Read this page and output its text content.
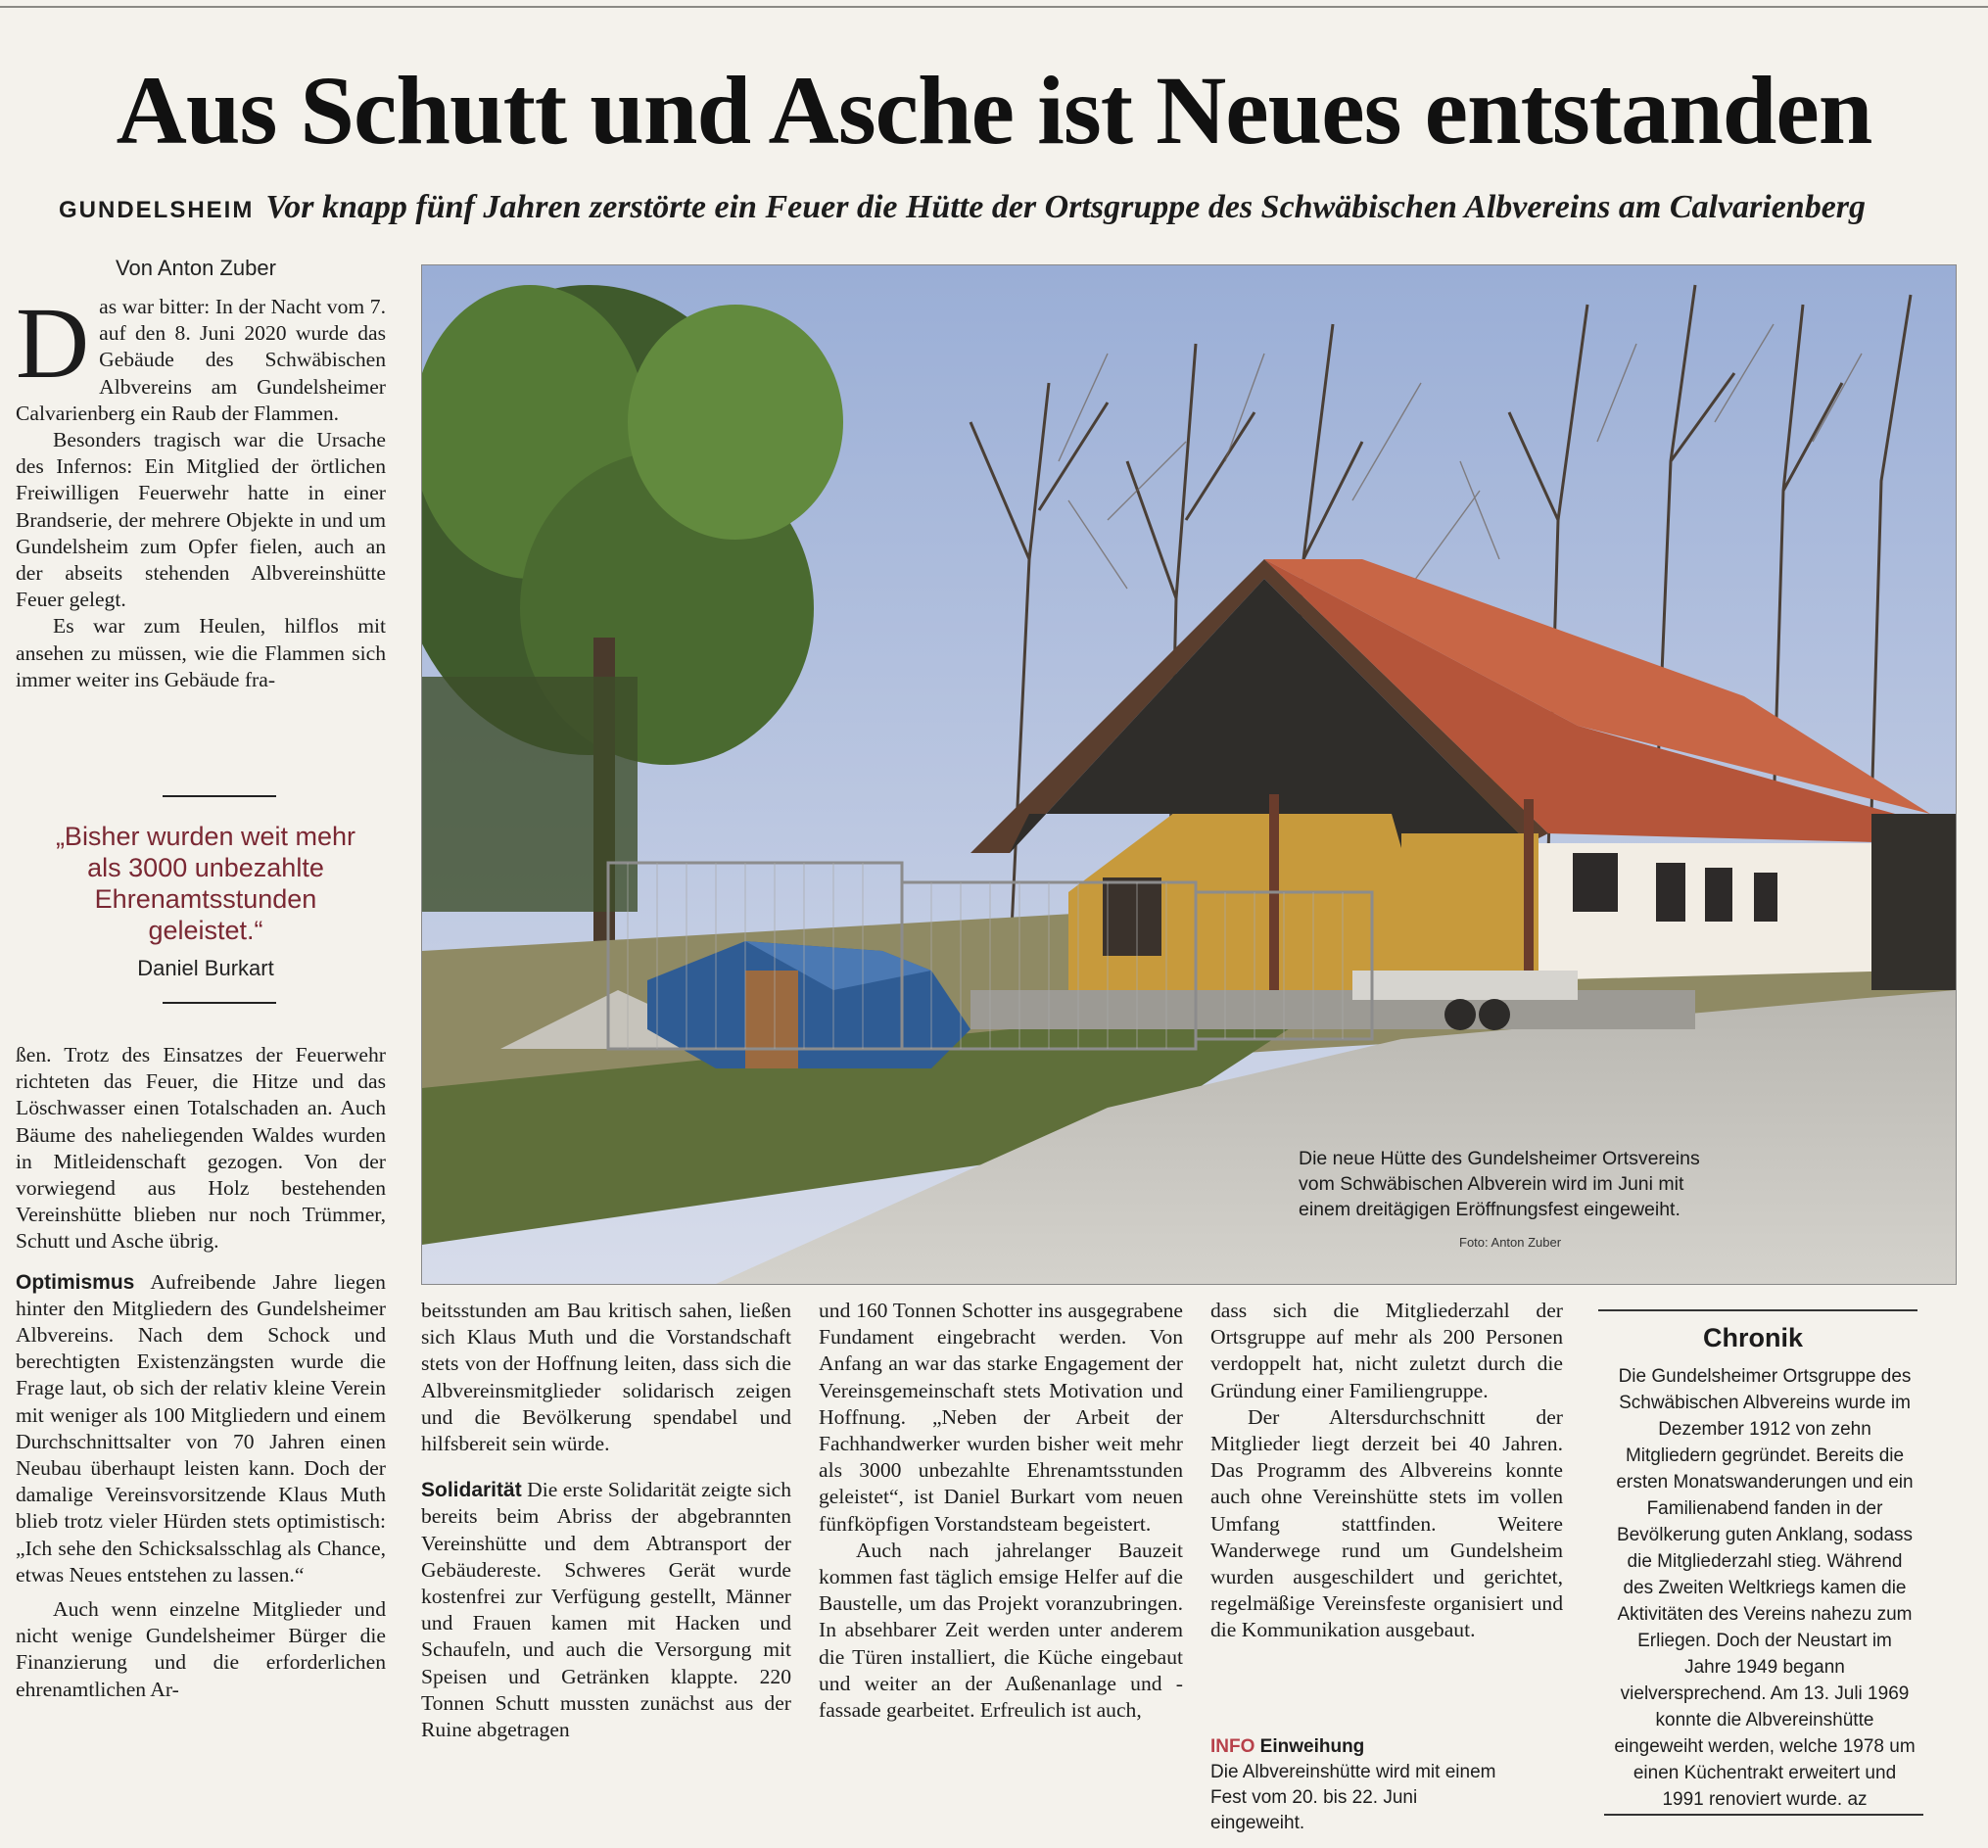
Aus Schutt und Asche ist Neues entstanden
GUNDELSHEIM Vor knapp fünf Jahren zerstörte ein Feuer die Hütte der Ortsgruppe des Schwäbischen Albvereins am Calvarienberg
Von Anton Zuber

Das war bitter: In der Nacht vom 7. auf den 8. Juni 2020 wurde das Gebäude des Schwäbischen Albvereins am Gundelsheimer Calvarienberg ein Raub der Flammen.

Besonders tragisch war die Ursache des Infernos: Ein Mitglied der örtlichen Freiwilligen Feuerwehr hatte in einer Brandserie, der mehrere Objekte in und um Gundelsheim zum Opfer fielen, auch an der abseits stehenden Albvereinshütte Feuer gelegt.

Es war zum Heulen, hilflos mit ansehen zu müssen, wie die Flammen sich immer weiter ins Gebäude fra-

„Bisher wurden weit mehr als 3000 unbezahlte Ehrenamtsstunden geleistet.“
Daniel Burkart

ßen. Trotz des Einsatzes der Feuerwehr richteten das Feuer, die Hitze und das Löschwasser einen Totalschaden an. Auch Bäume des naheliegenden Waldes wurden in Mitleidenschaft gezogen. Von der vorwiegend aus Holz bestehenden Vereinshütte blieben nur noch Trümmer, Schutt und Asche übrig.

Optimismus Aufreibende Jahre liegen hinter den Mitgliedern des Gundelsheimer Albvereins. Nach dem Schock und berechtigten Existenzängsten wurde die Frage laut, ob sich der relativ kleine Verein mit weniger als 100 Mitgliedern und einem Durchschnittsalter von 70 Jahren einen Neubau überhaupt leisten kann. Doch der damalige Vereinsvorsitzende Klaus Muth blieb trotz vieler Hürden stets optimistisch: „Ich sehe den Schicksalsschlag als Chance, etwas Neues entstehen zu lassen.“

Auch wenn einzelne Mitglieder und nicht wenige Gundelsheimer Bürger die Finanzierung und die erforderlichen ehrenamtlichen Ar-

Die neue Hütte des Gundelsheimer Ortsvereins vom Schwäbischen Albverein wird im Juni mit einem dreitägigen Eröffnungsfest eingeweiht.
Foto: Anton Zuber

beitsstunden am Bau kritisch sahen, ließen sich Klaus Muth und die Vorstandschaft stets von der Hoffnung leiten, dass sich die Albvereinsmitglieder solidarisch zeigen und die Bevölkerung spendabel und hilfsbereit sein würde.

Solidarität Die erste Solidarität zeigte sich bereits beim Abriss der abgebrannten Vereinshütte und dem Abtransport der Gebäudereste. Schweres Gerät wurde kostenfrei zur Verfügung gestellt, Männer und Frauen kamen mit Hacken und Schaufeln, und auch die Versorgung mit Speisen und Getränken klappte. 220 Tonnen Schutt mussten zunächst aus der Ruine abgetragen

und 160 Tonnen Schotter ins ausgegrabene Fundament eingebracht werden. Von Anfang an war das starke Engagement der Vereinsgemeinschaft stets Motivation und Hoffnung. „Neben der Arbeit der Fachhandwerker wurden bisher weit mehr als 3000 unbezahlte Ehrenamtsstunden geleistet“, ist Daniel Burkart vom neuen fünfköpfigen Vorstandsteam begeistert.

Auch nach jahrelanger Bauzeit kommen fast täglich emsige Helfer auf die Baustelle, um das Projekt voranzubringen. In absehbarer Zeit werden unter anderem die Türen installiert, die Küche eingebaut und weiter an der Außenanlage und -fassade gearbeitet. Erfreulich ist auch,

dass sich die Mitgliederzahl der Ortsgruppe auf mehr als 200 Personen verdoppelt hat, nicht zuletzt durch die Gründung einer Familiengruppe.

Der Altersdurchschnitt der Mitglieder liegt derzeit bei 40 Jahren. Das Programm des Albvereins konnte auch ohne Vereinshütte stets im vollen Umfang stattfinden. Weitere Wanderwege rund um Gundelsheim wurden ausgeschildert und gerichtet, regelmäßige Vereinsfeste organisiert und die Kommunikation ausgebaut.

INFO Einweihung
Die Albvereinshütte wird mit einem Fest vom 20. bis 22. Juni eingeweiht.
Chronik
Die Gundelsheimer Ortsgruppe des Schwäbischen Albvereins wurde im Dezember 1912 von zehn Mitgliedern gegründet. Bereits die ersten Monatswanderungen und ein Familienabend fanden in der Bevölkerung guten Anklang, sodass die Mitgliederzahl stieg. Während des Zweiten Weltkriegs kamen die Aktivitäten des Vereins nahezu zum Erliegen. Doch der Neustart im Jahre 1949 begann vielversprechend. Am 13. Juli 1969 konnte die Albvereinshütte eingeweiht werden, welche 1978 um einen Küchentrakt erweitert und 1991 renoviert wurde. az
